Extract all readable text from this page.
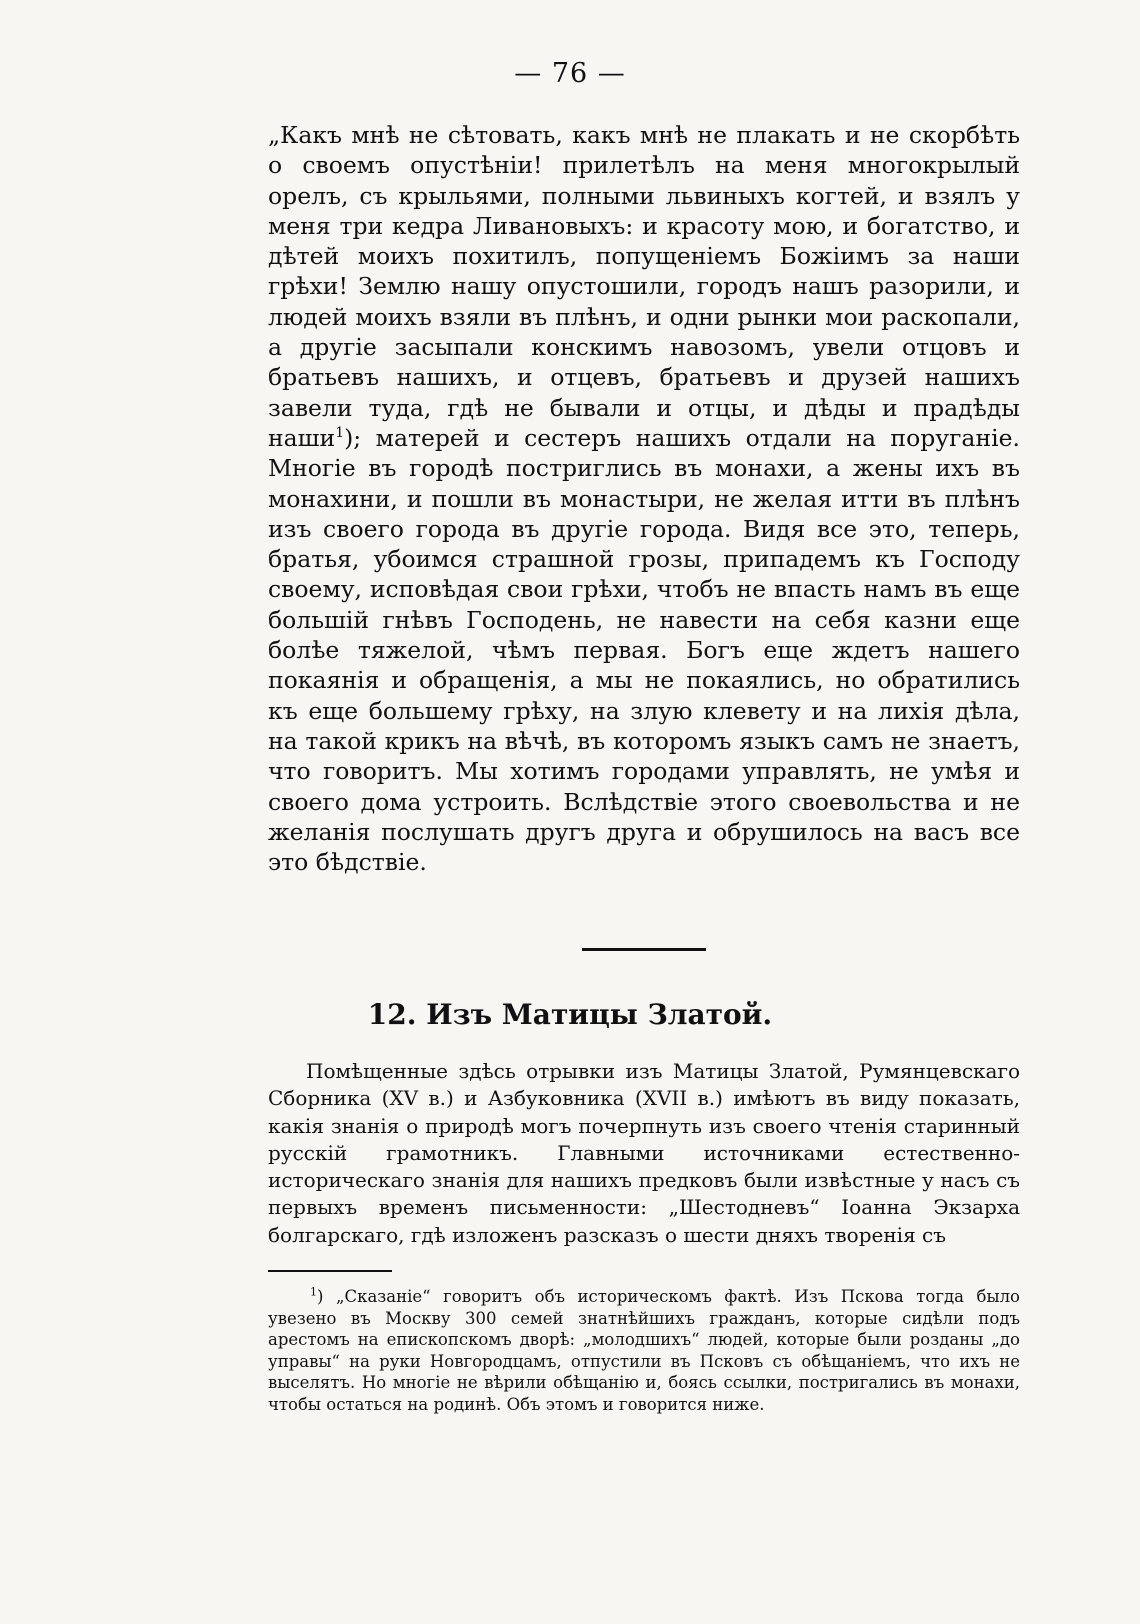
— 76 —

„Какъ мнѣ не сѣтовать, какъ мнѣ не плакать и не скорбѣть о своемъ опустѣніи! прилетѣлъ на меня многокрылый орелъ, съ крыльями, полными львиныхъ когтей, и взялъ у меня три кедра Ливановыхъ: и красоту мою, и богатство, и дѣтей моихъ похитилъ, попущеніемъ Божіимъ за наши грѣхи! Землю нашу опустошили, городъ нашъ разорили, и людей моихъ взяли въ плѣнъ, и одни рынки мои раскопали, а другіе засыпали конскимъ навозомъ, увели отцовъ и братьевъ нашихъ, и отцевъ, братьевъ и друзей нашихъ завели туда, гдѣ не бывали и отцы, и дѣды и прадѣды наши$^1$); матерей и сестеръ нашихъ отдали на поруганіе. Многіе въ городѣ постриглись въ монахи, а жены ихъ въ монахини, и пошли въ монастыри, не желая итти въ плѣнъ изъ своего города въ другіе города. Видя все это, теперь, братья, убоимся страшной грозы, припадемъ къ Господу своему, исповѣдая свои грѣхи, чтобъ не впасть намъ въ еще большій гнѣвъ Господень, не навести на себя казни еще болѣе тяжелой, чѣмъ первая. Богъ еще ждетъ нашего покаянія и обращенія, а мы не покаялись, но обратились къ еще большему грѣху, на злую клевету и на лихія дѣла, на такой крикъ на вѣчѣ, въ которомъ языкъ самъ не знаетъ, что говоритъ. Мы хотимъ городами управлять, не умѣя и своего дома устроить. Вслѣдствіе этого своевольства и не желанія послушать другъ друга и обрушилось на васъ все это бѣдствіе.

12. Изъ Матицы Златой.

Помѣщенные здѣсь отрывки изъ Матицы Златой, Румянцевскаго Сборника (XV в.) и Азбуковника (XVII в.) имѣютъ въ виду показать, какія знанія о природѣ могъ почерпнуть изъ своего чтенія старинный русскій грамотникъ. Главными источниками естественно-историческаго знанія для нашихъ предковъ были извѣстные у насъ съ первыхъ временъ письменности: „Шестодневъ“ Іоанна Экзарха болгарскаго, гдѣ изложенъ разсказъ о шести дняхъ творенія съ

$^1$) „Сказаніе“ говоритъ объ историческомъ фактѣ. Изъ Пскова тогда было увезено въ Москву 300 семей знатнѣйшихъ гражданъ, которые сидѣли подъ арестомъ на епископскомъ дворѣ: „молодшихъ“ людей, которые были розданы „до управы“ на руки Новгородцамъ, отпустили въ Псковъ съ обѣщаніемъ, что ихъ не выселятъ. Но многіе не вѣрили обѣщанію и, боясь ссылки, постригались въ монахи, чтобы остаться на родинѣ. Объ этомъ и говорится ниже.
